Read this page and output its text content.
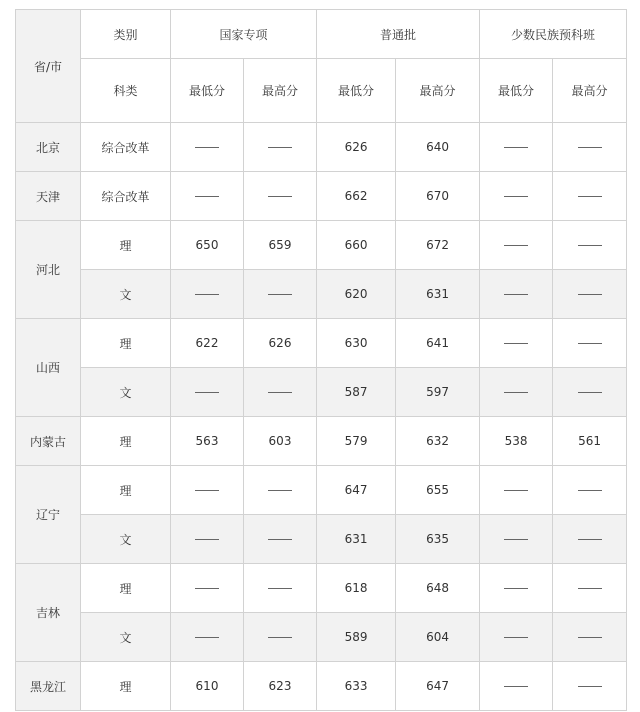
省/市	类别	国家专项		普通批		少数民族预科班	
	科类	最低分	最高分	最低分	最高分	最低分	最高分
北京	综合改革			626	640		
天津	综合改革			662	670		
河北	理	650	659	660	672		
	文			620	631		
山西	理	622	626	630	641		
	文			587	597		
内蒙古	理	563	603	579	632	538	561
辽宁	理			647	655		
	文			631	635		
吉林	理			618	648		
	文			589	604		
黑龙江	理	610	623	633	647		
